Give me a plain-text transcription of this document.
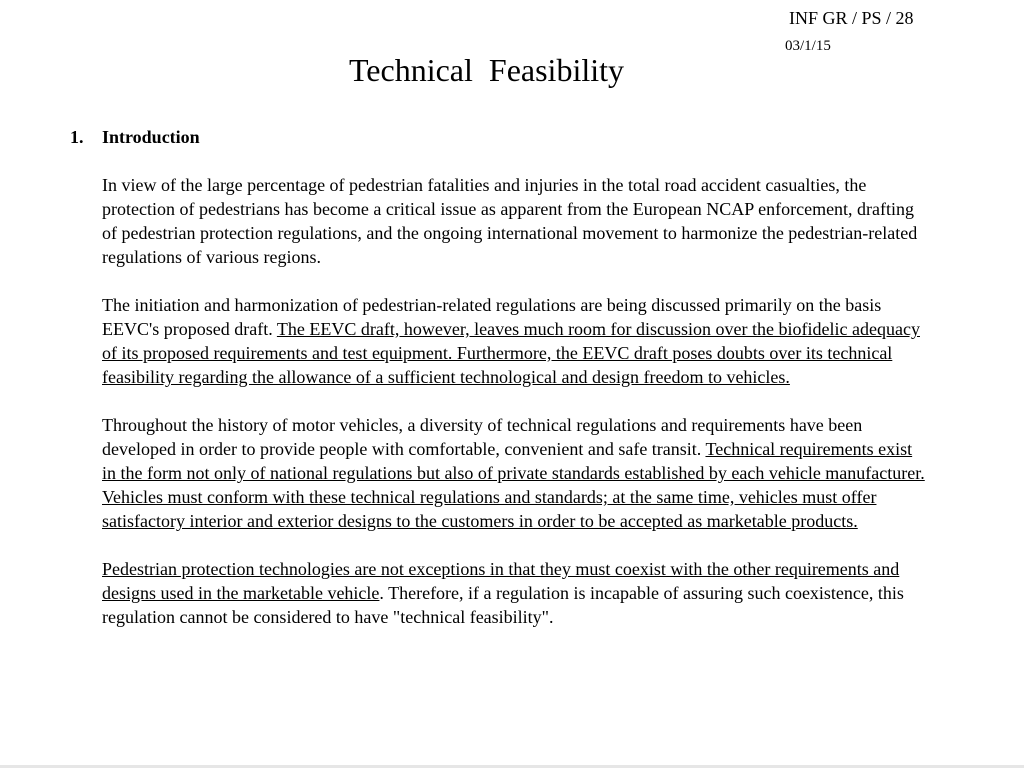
INF GR / PS / 28
03/1/15
Technical Feasibility
1. Introduction

In view of the large percentage of pedestrian fatalities and injuries in the total road accident casualties, the protection of pedestrians has become a critical issue as apparent from the European NCAP enforcement, drafting of pedestrian protection regulations, and the ongoing international movement to harmonize the pedestrian-related regulations of various regions.

The initiation and harmonization of pedestrian-related regulations are being discussed primarily on the basis EEVC's proposed draft. The EEVC draft, however, leaves much room for discussion over the biofidelic adequacy of its proposed requirements and test equipment. Furthermore, the EEVC draft poses doubts over its technical feasibility regarding the allowance of a sufficient technological and design freedom to vehicles.

Throughout the history of motor vehicles, a diversity of technical regulations and requirements have been developed in order to provide people with comfortable, convenient and safe transit. Technical requirements exist in the form not only of national regulations but also of private standards established by each vehicle manufacturer. Vehicles must conform with these technical regulations and standards; at the same time, vehicles must offer satisfactory interior and exterior designs to the customers in order to be accepted as marketable products.

Pedestrian protection technologies are not exceptions in that they must coexist with the other requirements and designs used in the marketable vehicle. Therefore, if a regulation is incapable of assuring such coexistence, this regulation cannot be considered to have "technical feasibility".
